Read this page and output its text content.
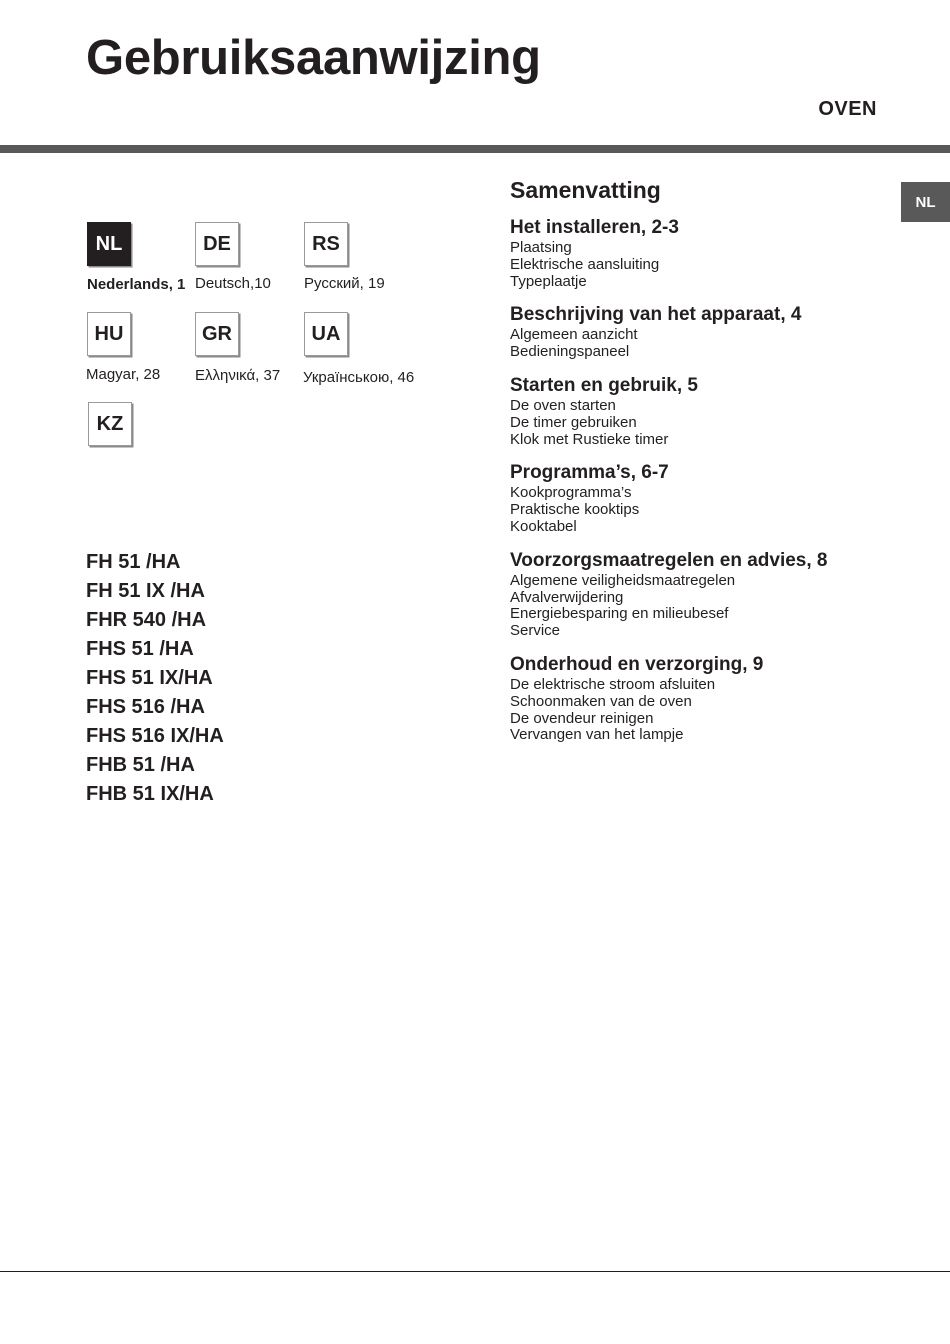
Gebruiksaanwijzing
OVEN
NL
NL
Nederlands, 1
DE
Deutsch,10
RS
Русский, 19
HU
Magyar, 28
GR
Ελληνικά, 37
UA
Українською, 46
KZ
FH 51 /HA
FH 51 IX /HA
FHR 540 /HA
FHS 51 /HA
FHS 51 IX/HA
FHS 516 /HA
FHS 516 IX/HA
FHB 51 /HA
FHB 51 IX/HA
Samenvatting
Het installeren, 2-3
Plaatsing
Elektrische aansluiting
Typeplaatje
Beschrijving van het apparaat, 4
Algemeen aanzicht
Bedieningspaneel
Starten en gebruik, 5
De oven starten
De timer gebruiken
Klok met Rustieke timer
Programma’s, 6-7
Kookprogramma’s
Praktische kooktips
Kooktabel
Voorzorgsmaatregelen en advies, 8
Algemene veiligheidsmaatregelen
Afvalverwijdering
Energiebesparing en milieubesef
Service
Onderhoud en verzorging, 9
De elektrische stroom afsluiten
Schoonmaken van de oven
De ovendeur reinigen
Vervangen van het lampje
